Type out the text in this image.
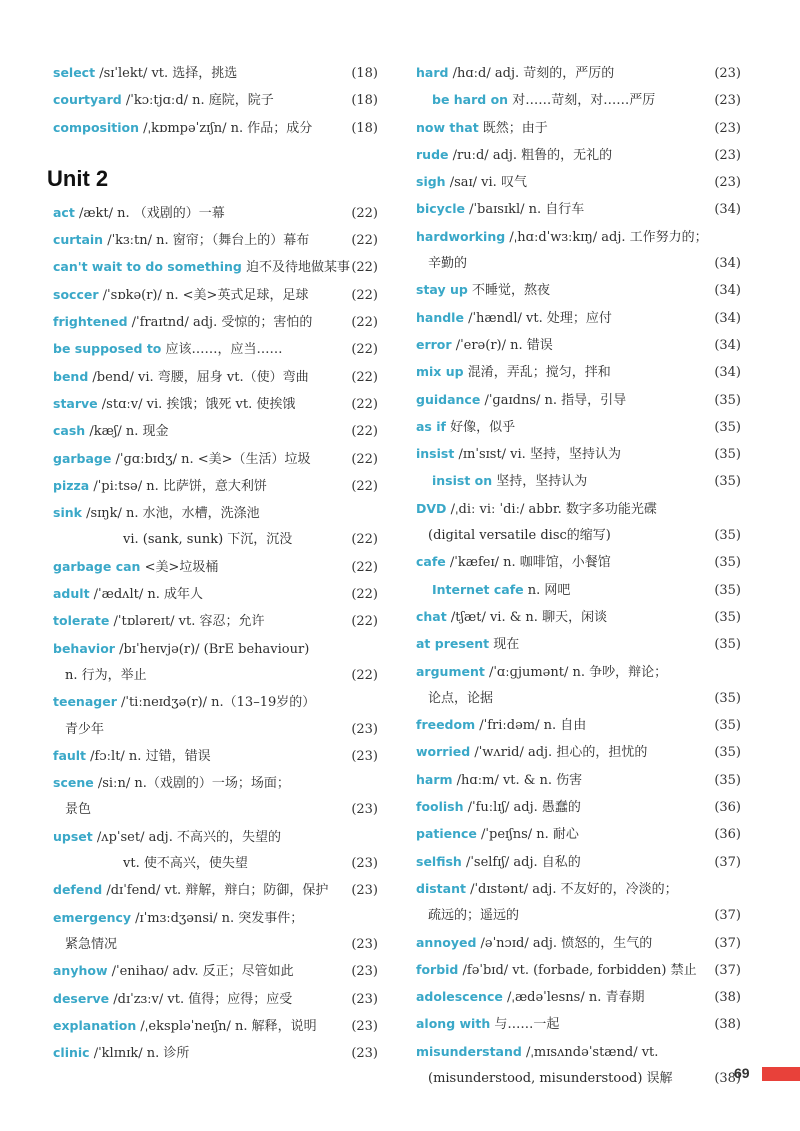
select /sɪˈlekt/ vt. 选择，挑选	(18)
courtyard /ˈkɔːtjɑːd/ n. 庭院，院子	(18)
composition /ˌkɒmpəˈzɪʃn/ n. 作品；成分	(18)
Unit 2
act /ækt/ n. （戏剧的）一幕	(22)
curtain /ˈkɜːtn/ n. 窗帘；（舞台上的）幕布	(22)
can't wait to do something 迫不及待地做某事 (22)
soccer /ˈsɒkə(r)/ n. <美>英式足球，足球	(22)
frightened /ˈfraɪtnd/ adj. 受惊的；害怕的	(22)
be supposed to 应该……，应当……	(22)
bend /bend/ vi. 弯腰，屈身 vt.（使）弯曲	(22)
starve /stɑːv/ vi. 挨饿；饿死 vt. 使挨饿	(22)
cash /kæʃ/ n. 现金	(22)
garbage /ˈɡɑːbɪdʒ/ n. <美>（生活）垃圾	(22)
pizza /ˈpiːtsə/ n. 比萨饼，意大利饼	(22)
sink /sɪŋk/ n. 水池，水槽，洗涤池
vi. (sank, sunk) 下沉，沉没	(22)
garbage can <美>垃圾桶	(22)
adult /ˈædʌlt/ n. 成年人	(22)
tolerate /ˈtɒləreɪt/ vt. 容忍；允许	(22)
behavior /bɪˈheɪvjə(r)/ (BrE behaviour)
n. 行为，举止	(22)
teenager /ˈtiːneɪdʒə(r)/ n.（13–19岁的）
青少年	(23)
fault /fɔːlt/ n. 过错，错误	(23)
scene /siːn/ n.（戏剧的）一场；场面；
景色	(23)
upset /ʌpˈset/ adj. 不高兴的，失望的
vt. 使不高兴，使失望	(23)
defend /dɪˈfend/ vt. 辩解，辩白；防御，保护	(23)
emergency /ɪˈmɜːdʒənsi/ n. 突发事件；
紧急情况	(23)
anyhow /ˈenihaʊ/ adv. 反正；尽管如此	(23)
deserve /dɪˈzɜːv/ vt. 值得；应得；应受	(23)
explanation /ˌekspləˈneɪʃn/ n. 解释，说明	(23)
clinic /ˈklɪnɪk/ n. 诊所	(23)
hard /hɑːd/ adj. 苛刻的，严厉的	(23)
be hard on 对……苛刻，对……严厉	(23)
now that 既然；由于	(23)
rude /ruːd/ adj. 粗鲁的，无礼的	(23)
sigh /saɪ/ vi. 叹气	(23)
bicycle /ˈbaɪsɪkl/ n. 自行车	(34)
hardworking /ˌhɑːdˈwɜːkɪŋ/ adj. 工作努力的；
辛勤的	(34)
stay up 不睡觉，熬夜	(34)
handle /ˈhændl/ vt. 处理；应付	(34)
error /ˈerə(r)/ n. 错误	(34)
mix up 混淆，弄乱；搅匀，拌和	(34)
guidance /ˈɡaɪdns/ n. 指导，引导	(35)
as if 好像，似乎	(35)
insist /ɪnˈsɪst/ vi. 坚持，坚持认为	(35)
insist on 坚持，坚持认为	(35)
DVD /ˌdiː viː ˈdiː/ abbr. 数字多功能光碟
(digital versatile disc的缩写)	(35)
cafe /ˈkæfeɪ/ n. 咖啡馆，小餐馆	(35)
Internet cafe n. 网吧	(35)
chat /tʃæt/ vi. & n. 聊天，闲谈	(35)
at present 现在	(35)
argument /ˈɑːɡjumənt/ n. 争吵，辩论；
论点，论据	(35)
freedom /ˈfriːdəm/ n. 自由	(35)
worried /ˈwʌrid/ adj. 担心的，担忧的	(35)
harm /hɑːm/ vt. & n. 伤害	(35)
foolish /ˈfuːlɪʃ/ adj. 愚蠢的	(36)
patience /ˈpeɪʃns/ n. 耐心	(36)
selfish /ˈselfɪʃ/ adj. 自私的	(37)
distant /ˈdɪstənt/ adj. 不友好的，冷淡的；
疏远的；遥远的	(37)
annoyed /əˈnɔɪd/ adj. 愤怒的，生气的	(37)
forbid /fəˈbɪd/ vt. (forbade, forbidden) 禁止	(37)
adolescence /ˌædəˈlesns/ n. 青春期	(38)
along with 与……一起	(38)
misunderstand /ˌmɪsʌndəˈstænd/ vt.
(misunderstood, misunderstood) 误解	(38)
69
